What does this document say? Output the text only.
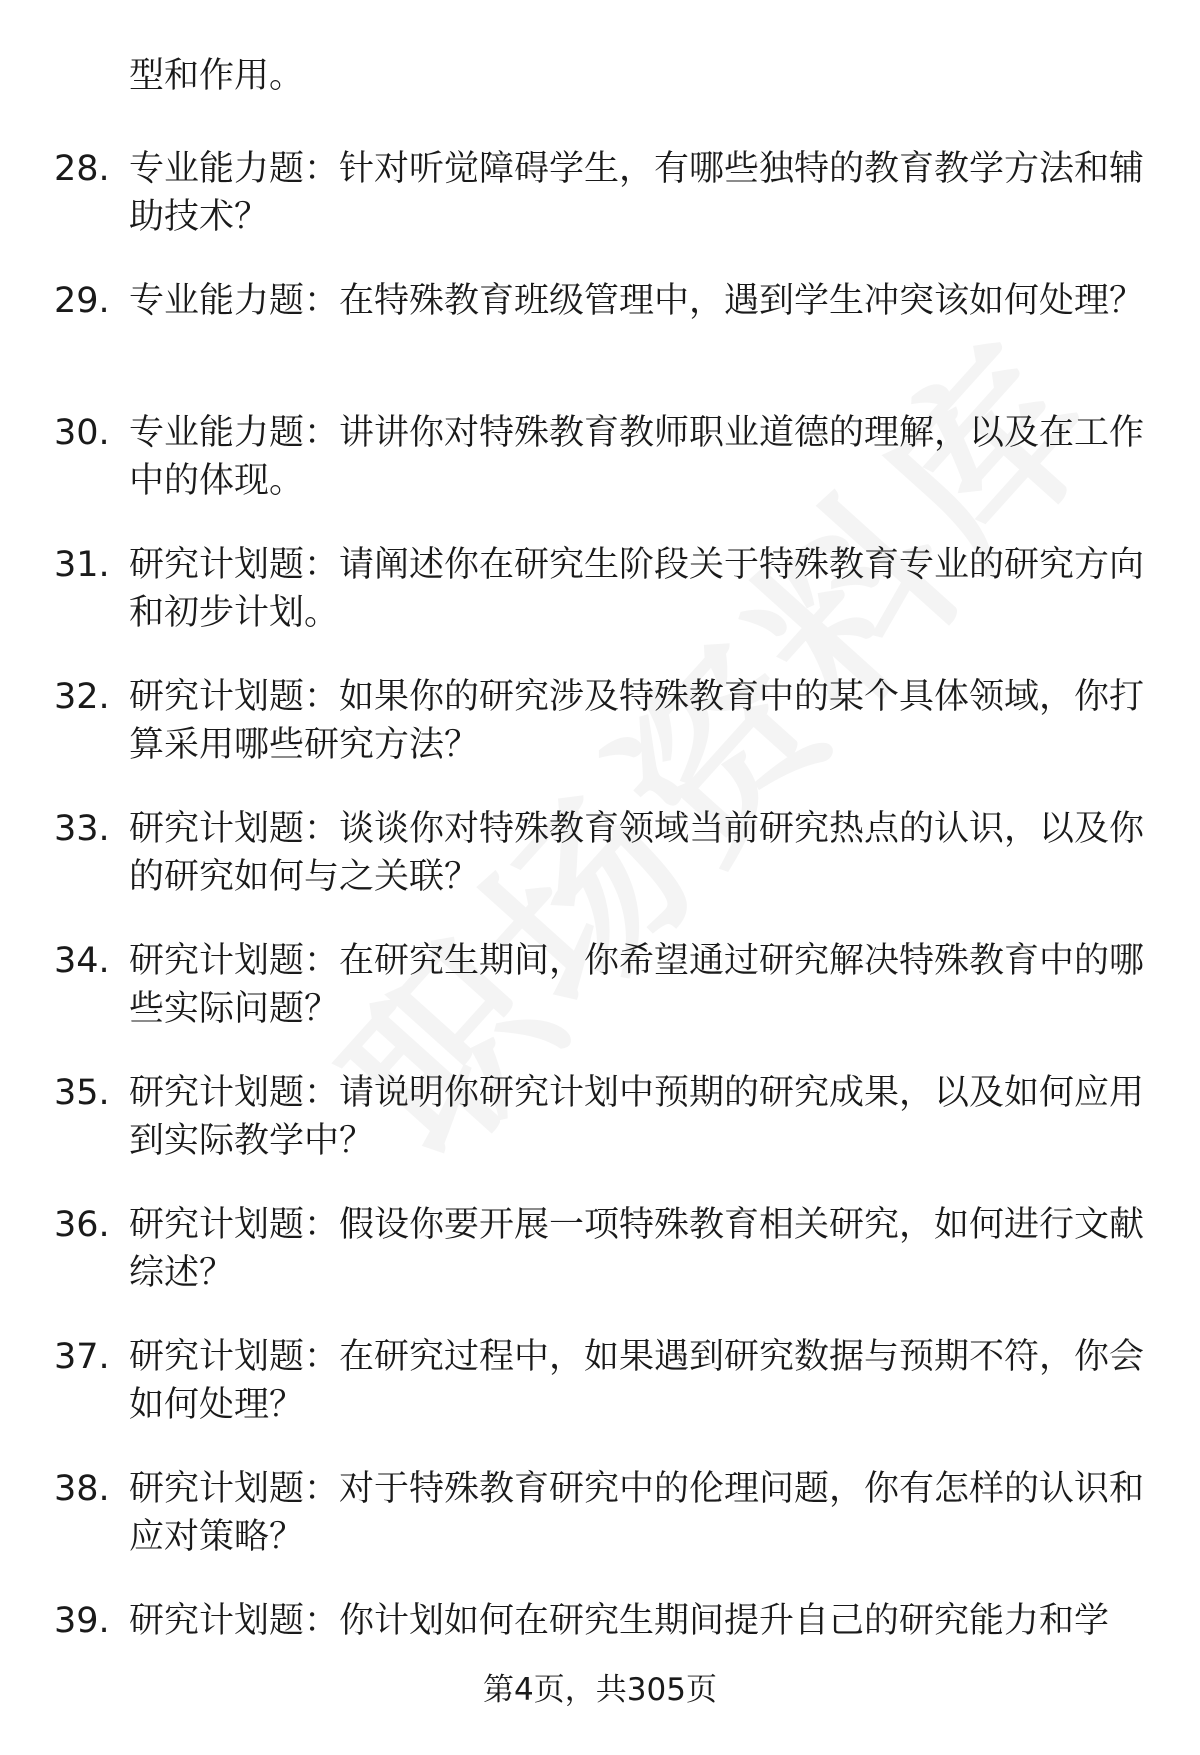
型和作用。

28. 专业能力题：针对听觉障碍学生，有哪些独特的教育教学方法和辅助技术？
29. 专业能力题：在特殊教育班级管理中，遇到学生冲突该如何处理？
30. 专业能力题：讲讲你对特殊教育教师职业道德的理解，以及在工作中的体现。
31. 研究计划题：请阐述你在研究生阶段关于特殊教育专业的研究方向和初步计划。
32. 研究计划题：如果你的研究涉及特殊教育中的某个具体领域，你打算采用哪些研究方法？
33. 研究计划题：谈谈你对特殊教育领域当前研究热点的认识，以及你的研究如何与之关联？
34. 研究计划题：在研究生期间，你希望通过研究解决特殊教育中的哪些实际问题？
35. 研究计划题：请说明你研究计划中预期的研究成果，以及如何应用到实际教学中？
36. 研究计划题：假设你要开展一项特殊教育相关研究，如何进行文献综述？
37. 研究计划题：在研究过程中，如果遇到研究数据与预期不符，你会如何处理？
38. 研究计划题：对于特殊教育研究中的伦理问题，你有怎样的认识和应对策略？
39. 研究计划题：你计划如何在研究生期间提升自己的研究能力和学
第4页，共305页
